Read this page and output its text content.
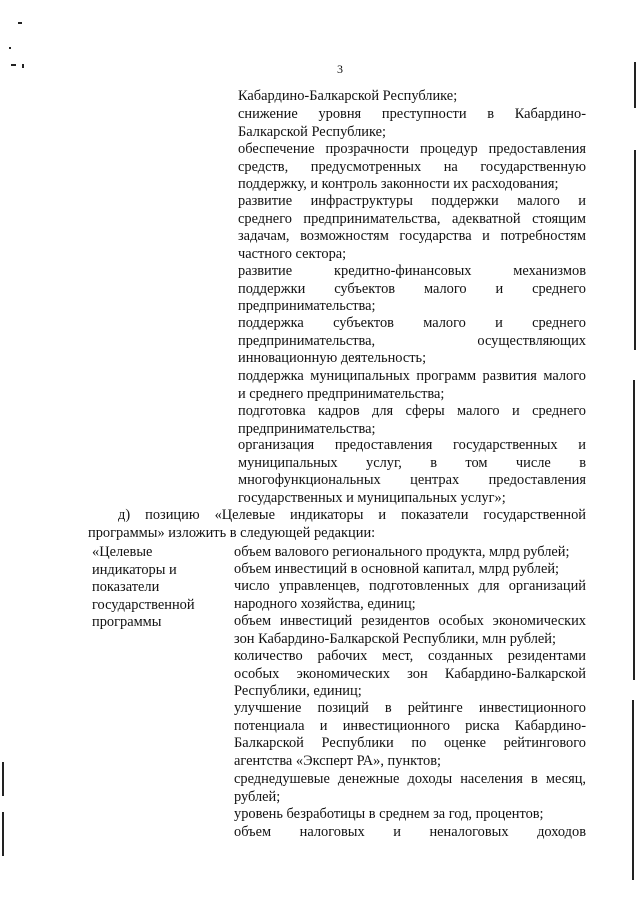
3
Кабардино-Балкарской Республике;
снижение уровня преступности в Кабардино-
Балкарской Республике;
обеспечение прозрачности процедур предоставления
средств, предусмотренных на государственную
поддержку, и контроль законности их расходования;
развитие инфраструктуры поддержки малого и
среднего предпринимательства, адекватной стоящим
задачам, возможностям государства и потребностям
частного сектора;
развитие кредитно-финансовых механизмов
поддержки субъектов малого и среднего
предпринимательства;
поддержка субъектов малого и среднего
предпринимательства, осуществляющих
инновационную деятельность;
поддержка муниципальных программ развития малого
и среднего предпринимательства;
подготовка кадров для сферы малого и среднего
предпринимательства;
организация предоставления государственных и
муниципальных услуг, в том числе в
многофункциональных центрах предоставления
государственных и муниципальных услуг»;
д) позицию «Целевые индикаторы и показатели государственной
программы» изложить в следующей редакции:
«Целевые
индикаторы и
показатели
государственной
программы
объем валового регионального продукта, млрд рублей;
объем инвестиций в основной капитал, млрд рублей;
число управленцев, подготовленных для организаций
народного хозяйства, единиц;
объем инвестиций резидентов особых экономических
зон Кабардино-Балкарской Республики, млн рублей;
количество рабочих мест, созданных резидентами
особых экономических зон Кабардино-Балкарской
Республики, единиц;
улучшение позиций в рейтинге инвестиционного
потенциала и инвестиционного риска Кабардино-
Балкарской Республики по оценке рейтингового
агентства «Эксперт РА», пунктов;
среднедушевые денежные доходы населения в месяц,
рублей;
уровень безработицы в среднем за год, процентов;
объем налоговых и неналоговых доходов
